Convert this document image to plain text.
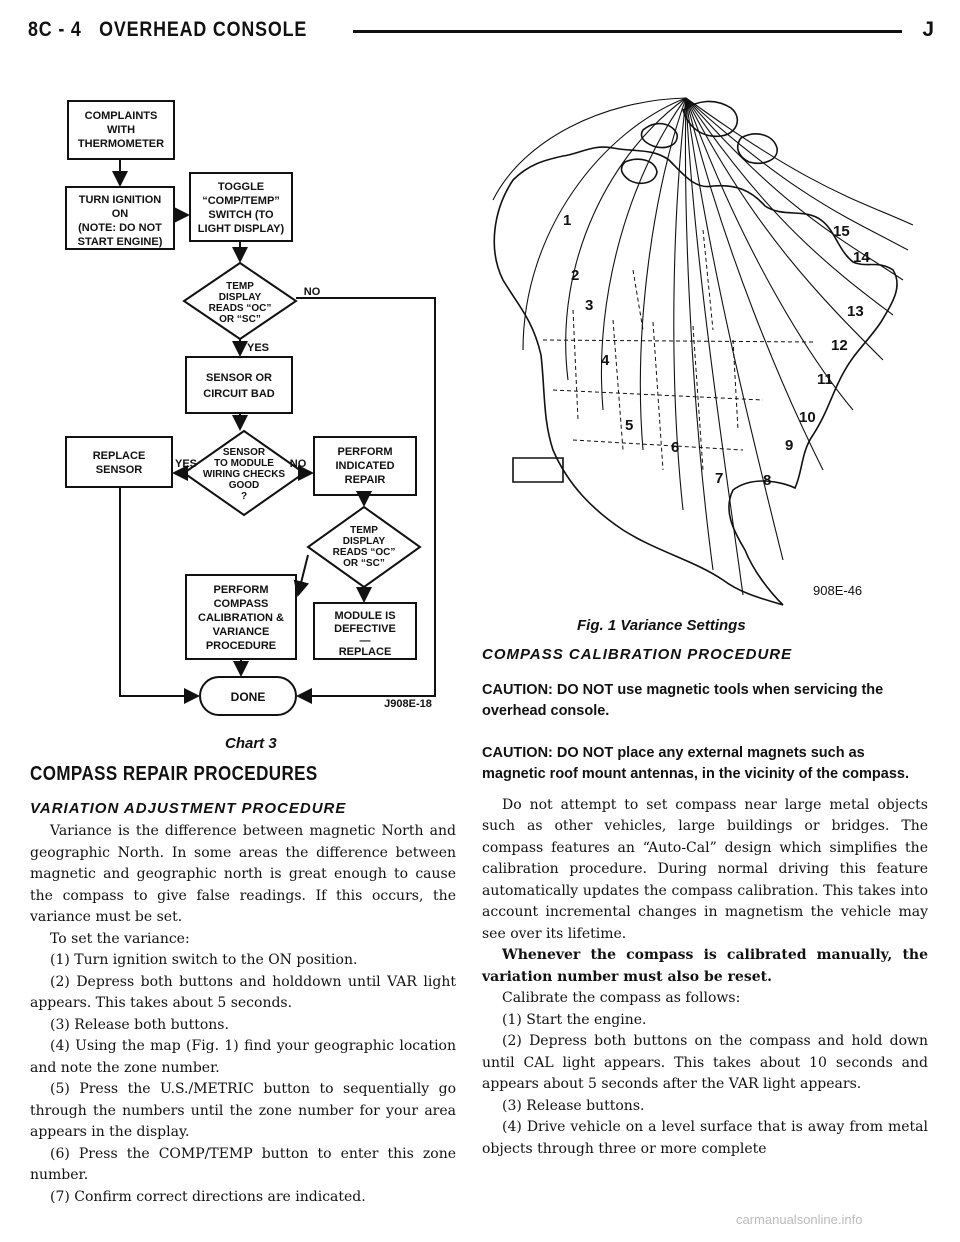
8C - 4   OVERHEAD CONSOLE	J
COMPLAINTS WITH THERMOMETER
TURN IGNITION ON (NOTE: DO NOT START ENGINE)
TOGGLE “COMP/TEMP” SWITCH (TO LIGHT DISPLAY)
TEMP DISPLAY READS “OC” OR “SC”
NO
YES
SENSOR OR CIRCUIT BAD
REPLACE SENSOR	YES
SENSOR TO MODULE WIRING CHECKS GOOD ?
NO
PERFORM INDICATED REPAIR
TEMP DISPLAY READS “OC” OR “SC”
PERFORM COMPASS CALIBRATION & VARIANCE PROCEDURE
MODULE IS DEFECTIVE — REPLACE
DONE	J908E-18
Chart 3
1
2
3
4
5
6
7	8
9
10
11
12
13
14
15
908E-46
Fig. 1 Variance Settings
COMPASS REPAIR PROCEDURES
VARIATION ADJUSTMENT PROCEDURE

Variance is the difference between magnetic North and geographic North. In some areas the difference between magnetic and geographic north is great enough to cause the compass to give false readings. If this occurs, the variance must be set.

To set the variance:

(1) Turn ignition switch to the ON position.

(2) Depress both buttons and holddown until VAR light appears. This takes about 5 seconds.

(3) Release both buttons.

(4) Using the map (Fig. 1) find your geographic location and note the zone number.

(5) Press the U.S./METRIC button to sequentially go through the numbers until the zone number for your area appears in the display.

(6) Press the COMP/TEMP button to enter this zone number.

(7) Confirm correct directions are indicated.

COMPASS CALIBRATION PROCEDURE

CAUTION: DO NOT use magnetic tools when servicing the overhead console.

CAUTION: DO NOT place any external magnets such as magnetic roof mount antennas, in the vicinity of the compass.

Do not attempt to set compass near large metal objects such as other vehicles, large buildings or bridges. The compass features an “Auto-Cal” design which simplifies the calibration procedure. During normal driving this feature automatically updates the compass calibration. This takes into account incremental changes in magnetism the vehicle may see over its lifetime.

Whenever the compass is calibrated manually, the variation number must also be reset.

Calibrate the compass as follows:

(1) Start the engine.

(2) Depress both buttons on the compass and hold down until CAL light appears. This takes about 10 seconds and appears about 5 seconds after the VAR light appears.

(3) Release buttons.

(4) Drive vehicle on a level surface that is away from metal objects through three or more complete

carmanualsonline.info
